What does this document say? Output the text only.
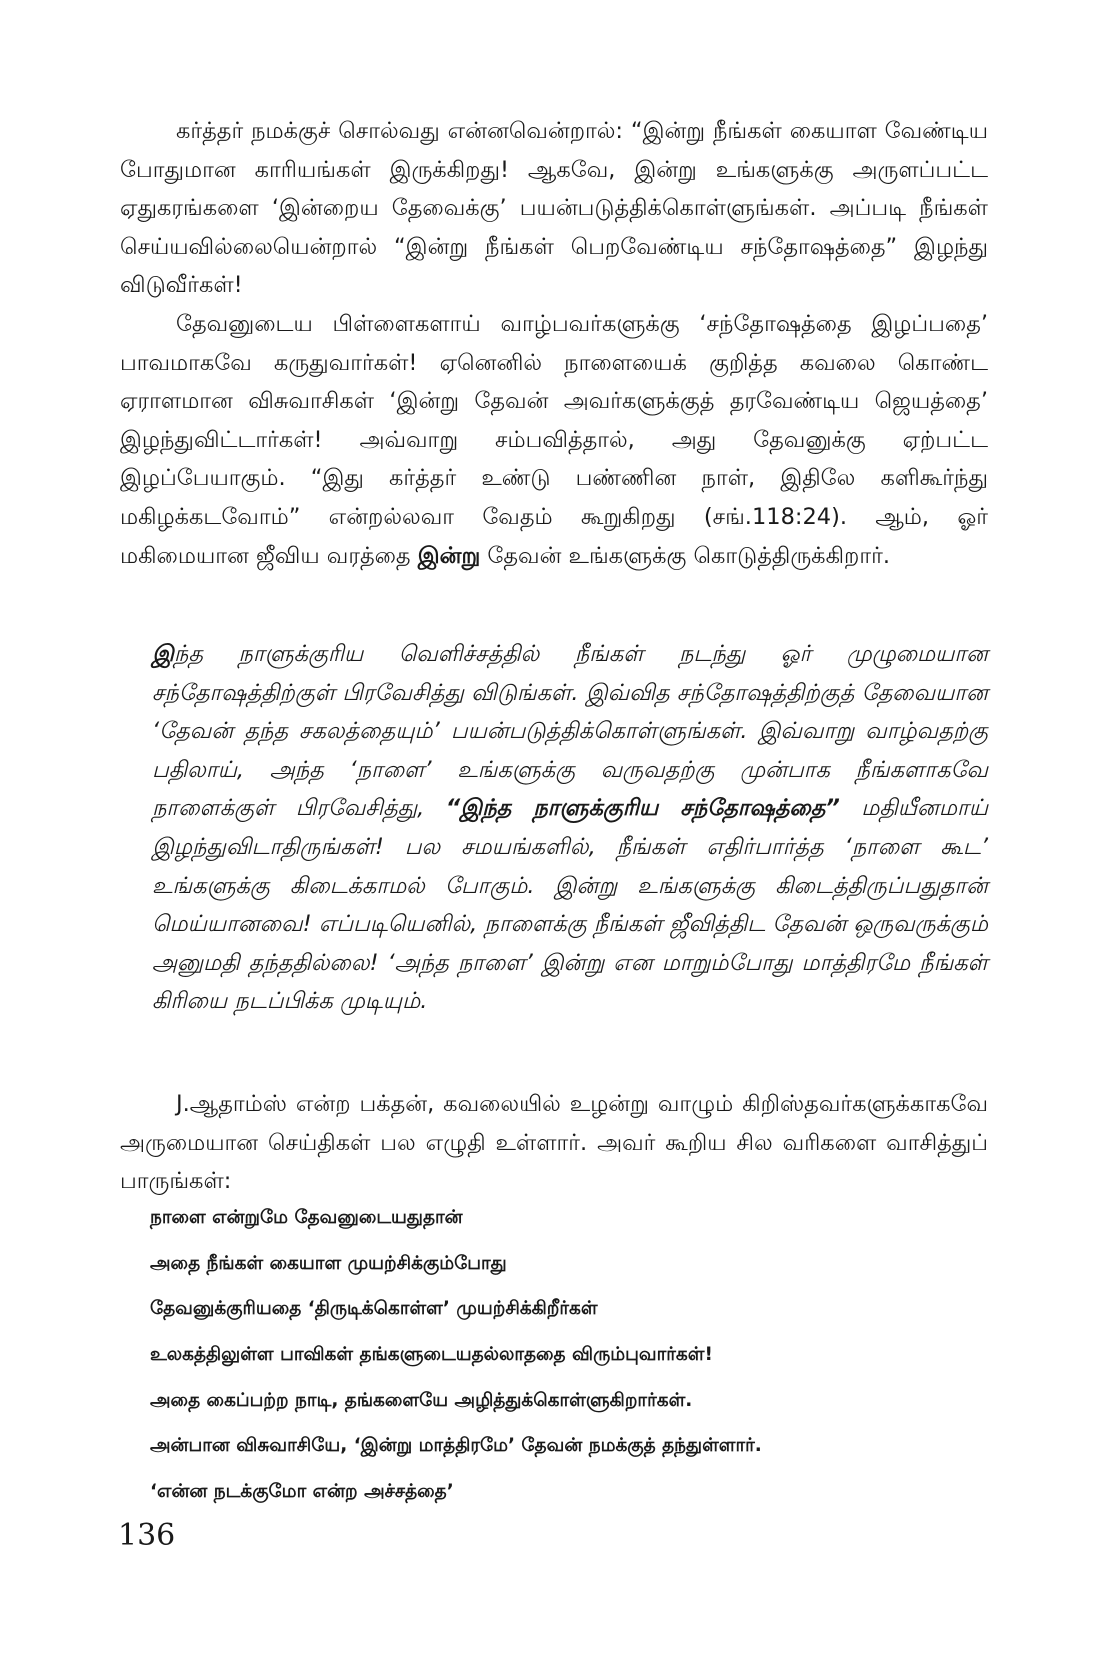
கர்த்தர் நமக்குச் சொல்வது என்னவென்றால்: “இன்று நீங்கள் கையாள வேண்டிய போதுமான காரியங்கள் இருக்கிறது! ஆகவே, இன்று உங்களுக்கு அருளப்பட்ட ஏதுகரங்களை ‘இன்றைய தேவைக்கு’ பயன்படுத்திக்கொள்ளுங்கள். அப்படி நீங்கள் செய்யவில்லையென்றால் “இன்று நீங்கள் பெறவேண்டிய சந்தோஷத்தை” இழந்து விடுவீர்கள்!

தேவனுடைய பிள்ளைகளாய் வாழ்பவர்களுக்கு ‘சந்தோஷத்தை இழப்பதை’ பாவமாகவே கருதுவார்கள்! ஏனெனில் நாளையைக் குறித்த கவலை கொண்ட ஏராளமான விசுவாசிகள் ‘இன்று தேவன் அவர்களுக்குத் தரவேண்டிய ஜெயத்தை’ இழந்துவிட்டார்கள்! அவ்வாறு சம்பவித்தால், அது தேவனுக்கு ஏற்பட்ட இழப்பேயாகும். “இது கர்த்தர் உண்டு பண்ணின நாள், இதிலே களிகூர்ந்து மகிழக்கடவோம்” என்றல்லவா வேதம் கூறுகிறது (சங்.118:24). ஆம், ஓர் மகிமையான ஜீவிய வரத்தை இன்று தேவன் உங்களுக்கு கொடுத்திருக்கிறார்.

இந்த நாளுக்குரிய வெளிச்சத்தில் நீங்கள் நடந்து ஓர் முழுமையான சந்தோஷத்திற்குள் பிரவேசித்து விடுங்கள். இவ்வித சந்தோஷத்திற்குத் தேவையான ‘தேவன் தந்த சகலத்தையும்’ பயன்படுத்திக்கொள்ளுங்கள். இவ்வாறு வாழ்வதற்கு பதிலாய், அந்த ‘நாளை’ உங்களுக்கு வருவதற்கு முன்பாக நீங்களாகவே நாளைக்குள் பிரவேசித்து, “இந்த நாளுக்குரிய சந்தோஷத்தை” மதியீனமாய் இழந்துவிடாதிருங்கள்! பல சமயங்களில், நீங்கள் எதிர்பார்த்த ‘நாளை கூட’ உங்களுக்கு கிடைக்காமல் போகும். இன்று உங்களுக்கு கிடைத்திருப்பதுதான் மெய்யானவை! எப்படியெனில், நாளைக்கு நீங்கள் ஜீவித்திட தேவன் ஒருவருக்கும் அனுமதி தந்ததில்லை! ‘அந்த நாளை’ இன்று என மாறும்போது மாத்திரமே நீங்கள் கிரியை நடப்பிக்க முடியும்.

J.ஆதாம்ஸ் என்ற பக்தன், கவலையில் உழன்று வாழும் கிறிஸ்தவர்களுக்காகவே அருமையான செய்திகள் பல எழுதி உள்ளார். அவர் கூறிய சில வரிகளை வாசித்துப் பாருங்கள்:

நாளை என்றுமே தேவனுடையதுதான்
அதை நீங்கள் கையாள முயற்சிக்கும்போது
தேவனுக்குரியதை ‘திருடிக்கொள்ள’ முயற்சிக்கிறீர்கள்
உலகத்திலுள்ள பாவிகள் தங்களுடையதல்லாததை விரும்புவார்கள்!
அதை கைப்பற்ற நாடி, தங்களையே அழித்துக்கொள்ளுகிறார்கள்.
அன்பான விசுவாசியே, ‘இன்று மாத்திரமே’ தேவன் நமக்குத் தந்துள்ளார்.
‘என்ன நடக்குமோ என்ற அச்சத்தை’
136
